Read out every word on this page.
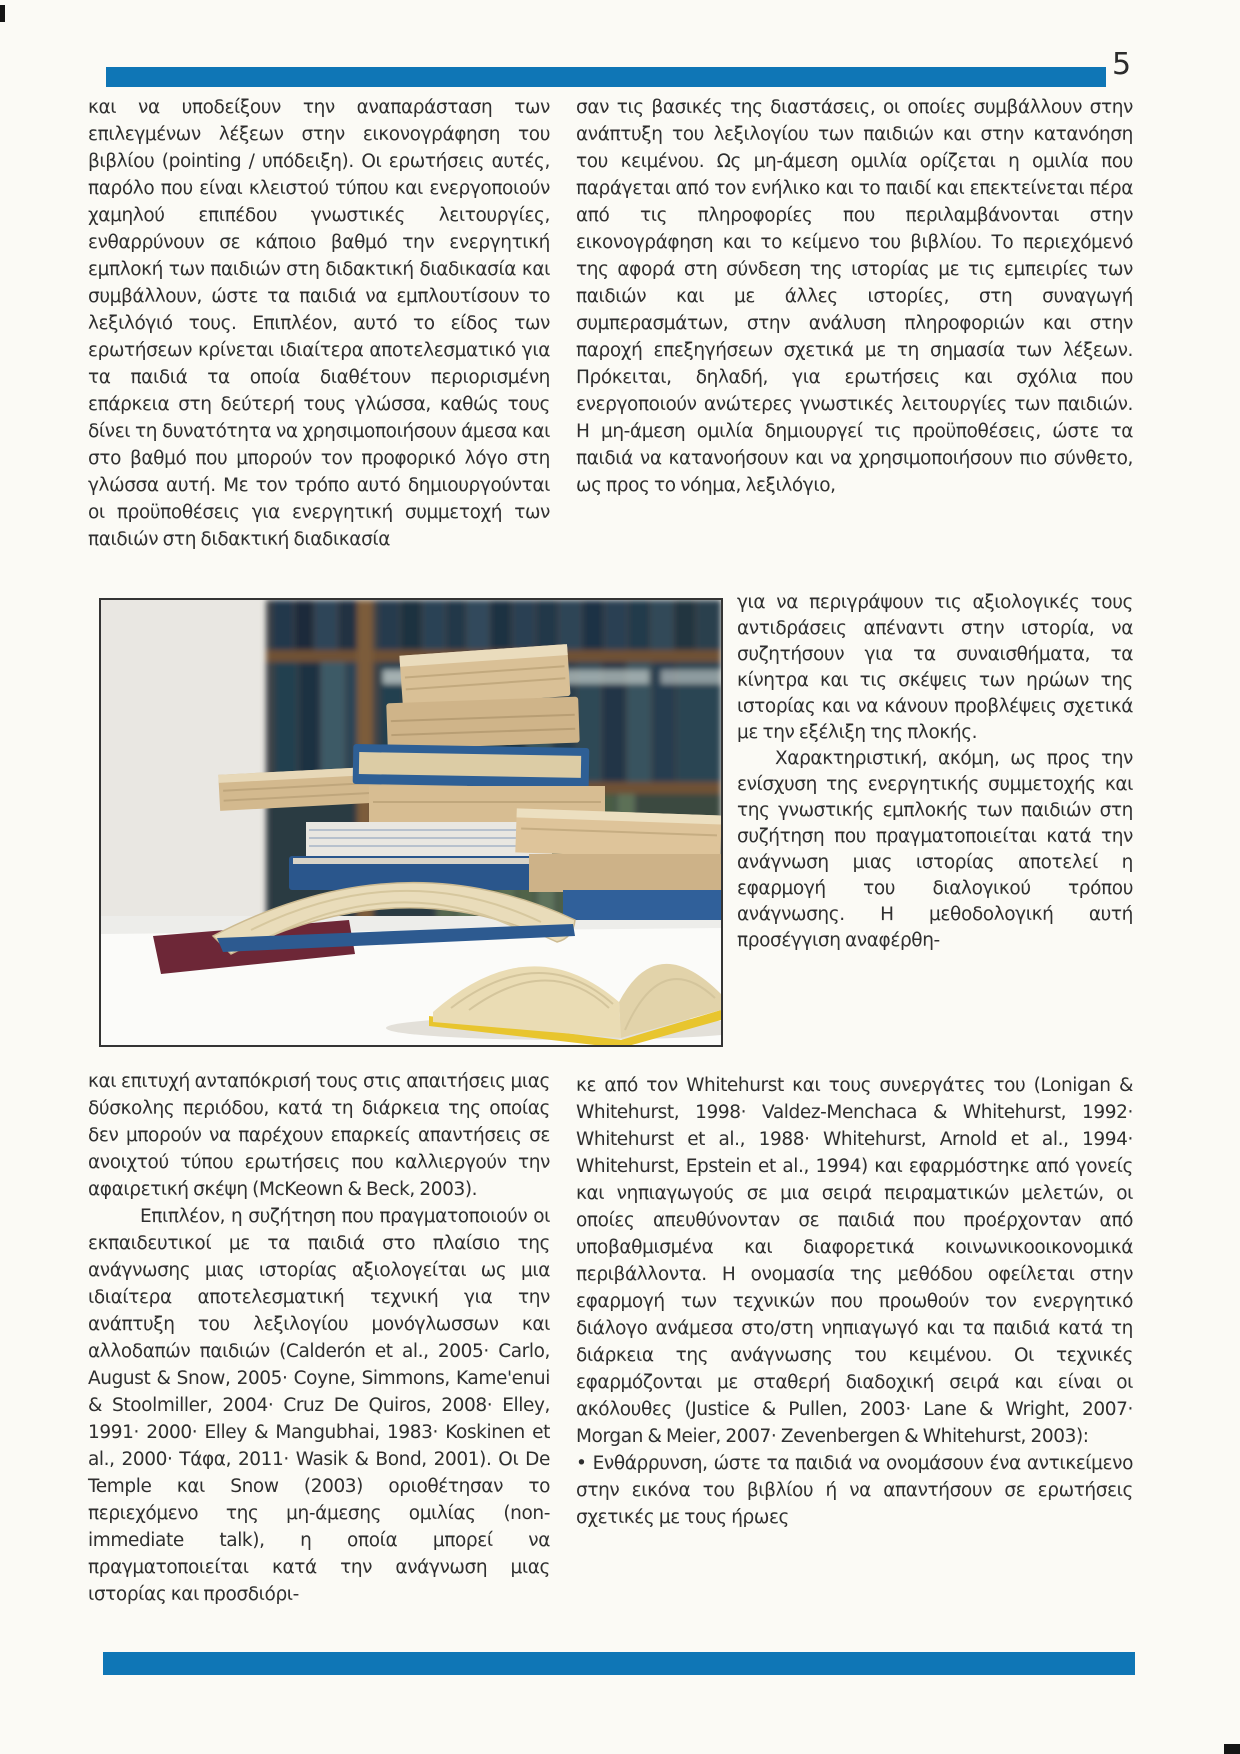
5

και να υποδείξουν την αναπαράσταση των επιλεγμένων λέξεων στην εικονογράφηση του βιβλίου (pointing / υπόδειξη). Οι ερωτήσεις αυτές, παρόλο που είναι κλειστού τύπου και ενεργοποιούν χαμηλού επιπέδου γνωστικές λειτουργίες, ενθαρρύνουν σε κάποιο βαθμό την ενεργητική εμπλοκή των παιδιών στη διδακτική διαδικασία και συμβάλλουν, ώστε τα παιδιά να εμπλουτίσουν το λεξιλόγιό τους. Επιπλέον, αυτό το είδος των ερωτήσεων κρίνεται ιδιαίτερα αποτελεσματικό για τα παιδιά τα οποία διαθέτουν περιορισμένη επάρκεια στη δεύτερή τους γλώσσα, καθώς τους δίνει τη δυνατότητα να χρησιμοποιήσουν άμεσα και στο βαθμό που μπορούν τον προφορικό λόγο στη γλώσσα αυτή. Με τον τρόπο αυτό δημιουργούνται οι προϋποθέσεις για ενεργητική συμμετοχή των παιδιών στη διδακτική διαδικασία

και επιτυχή ανταπόκρισή τους στις απαιτήσεις μιας δύσκολης περιόδου, κατά τη διάρκεια της οποίας δεν μπορούν να παρέχουν επαρκείς απαντήσεις σε ανοιχτού τύπου ερωτήσεις που καλλιεργούν την αφαιρετική σκέψη (McKeown & Beck, 2003).

Επιπλέον, η συζήτηση που πραγματοποιούν οι εκπαιδευτικοί με τα παιδιά στο πλαίσιο της ανάγνωσης μιας ιστορίας αξιολογείται ως μια ιδιαίτερα αποτελεσματική τεχνική για την ανάπτυξη του λεξιλογίου μονόγλωσσων και αλλοδαπών παιδιών (Calderón et al., 2005· Carlo, August & Snow, 2005· Coyne, Simmons, Kame'enui & Stoolmiller, 2004· Cruz De Quiros, 2008· Elley, 1991· 2000· Elley & Mangubhai, 1983· Koskinen et al., 2000· Τάφα, 2011· Wasik & Bond, 2001). Οι De Temple και Snow (2003) οριοθέτησαν το περιεχόμενο της μη-άμεσης ομιλίας (non-immediate talk), η οποία μπορεί να πραγματοποιείται κατά την ανάγνωση μιας ιστορίας και προσδιόρι-

σαν τις βασικές της διαστάσεις, οι οποίες συμβάλλουν στην ανάπτυξη του λεξιλογίου των παιδιών και στην κατανόηση του κειμένου. Ως μη-άμεση ομιλία ορίζεται η ομιλία που παράγεται από τον ενήλικο και το παιδί και επεκτείνεται πέρα από τις πληροφορίες που περιλαμβάνονται στην εικονογράφηση και το κείμενο του βιβλίου. Το περιεχόμενό της αφορά στη σύνδεση της ιστορίας με τις εμπειρίες των παιδιών και με άλλες ιστορίες, στη συναγωγή συμπερασμάτων, στην ανάλυση πληροφοριών και στην παροχή επεξηγήσεων σχετικά με τη σημασία των λέξεων. Πρόκειται, δηλαδή, για ερωτήσεις και σχόλια που ενεργοποιούν ανώτερες γνωστικές λειτουργίες των παιδιών. Η μη-άμεση ομιλία δημιουργεί τις προϋποθέσεις, ώστε τα παιδιά να κατανοήσουν και να χρησιμοποιήσουν πιο σύνθετο, ως προς το νόημα, λεξιλόγιο,

για να περιγράψουν τις αξιολογικές τους αντιδράσεις απέναντι στην ιστορία, να συζητήσουν για τα συναισθήματα, τα κίνητρα και τις σκέψεις των ηρώων της ιστορίας και να κάνουν προβλέψεις σχετικά με την εξέλιξη της πλοκής.

Χαρακτηριστική, ακόμη, ως προς την ενίσχυση της ενεργητικής συμμετοχής και της γνωστικής εμπλοκής των παιδιών στη συζήτηση που πραγματοποιείται κατά την ανάγνωση μιας ιστορίας αποτελεί η εφαρμογή του διαλογικού τρόπου ανάγνωσης. Η μεθοδολογική αυτή προσέγγιση αναφέρθη-

κε από τον Whitehurst και τους συνεργάτες του (Lonigan & Whitehurst, 1998· Valdez-Menchaca & Whitehurst, 1992· Whitehurst et al., 1988· Whitehurst, Arnold et al., 1994· Whitehurst, Epstein et al., 1994) και εφαρμόστηκε από γονείς και νηπιαγωγούς σε μια σειρά πειραματικών μελετών, οι οποίες απευθύνονταν σε παιδιά που προέρχονταν από υποβαθμισμένα και διαφορετικά κοινωνικοοικονομικά περιβάλλοντα. Η ονομασία της μεθόδου οφείλεται στην εφαρμογή των τεχνικών που προωθούν τον ενεργητικό διάλογο ανάμεσα στο/στη νηπιαγωγό και τα παιδιά κατά τη διάρκεια της ανάγνωσης του κειμένου. Οι τεχνικές εφαρμόζονται με σταθερή διαδοχική σειρά και είναι οι ακόλουθες (Justice & Pullen, 2003· Lane & Wright, 2007· Morgan & Meier, 2007· Zevenbergen & Whitehurst, 2003):

• Ενθάρρυνση, ώστε τα παιδιά να ονομάσουν ένα αντικείμενο στην εικόνα του βιβλίου ή να απαντήσουν σε ερωτήσεις σχετικές με τους ήρωες
